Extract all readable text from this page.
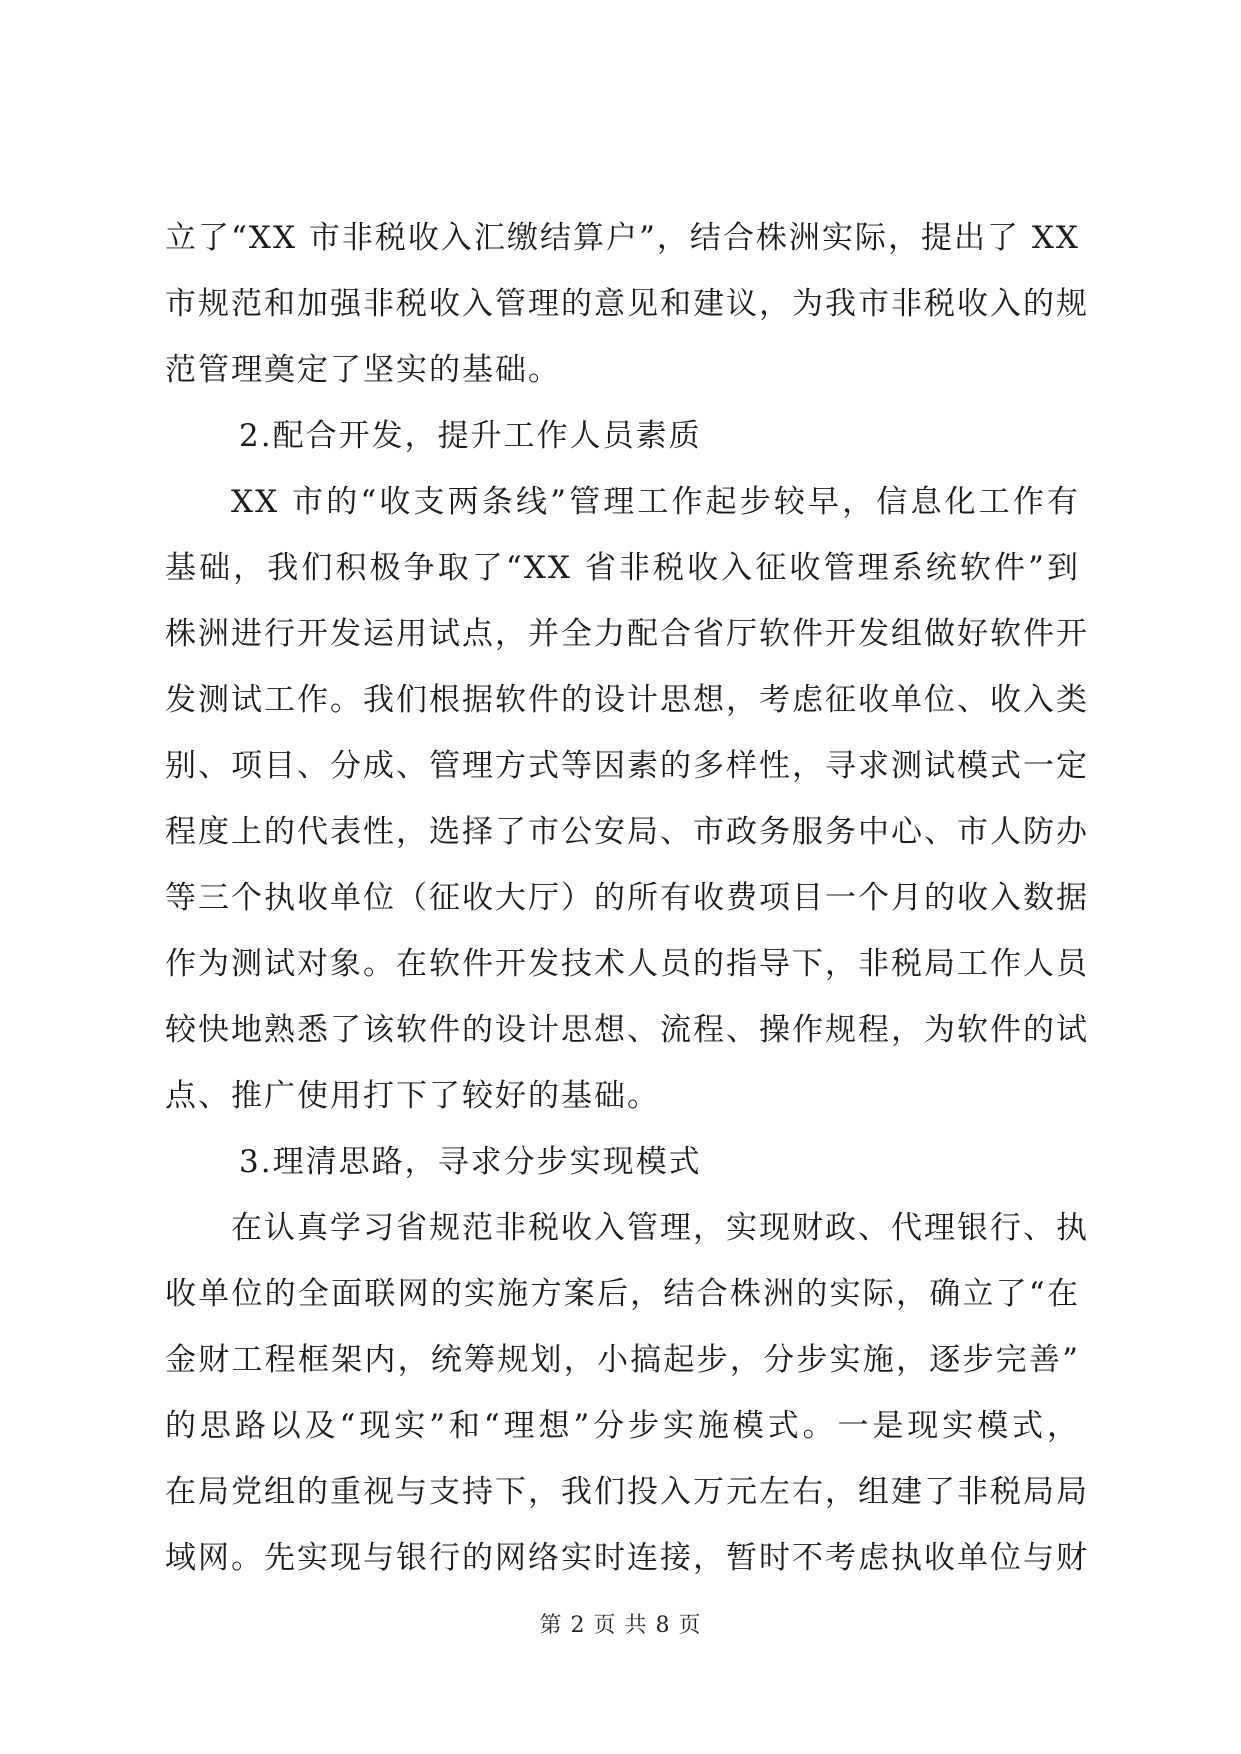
立了“XX 市非税收入汇缴结算户”，结合株洲实际，提出了 XX
市规范和加强非税收入管理的意见和建议，为我市非税收入的规
范管理奠定了坚实的基础。
2.配合开发，提升工作人员素质
XX 市的“收支两条线”管理工作起步较早，信息化工作有
基础，我们积极争取了“XX 省非税收入征收管理系统软件”到
株洲进行开发运用试点，并全力配合省厅软件开发组做好软件开
发测试工作。我们根据软件的设计思想，考虑征收单位、收入类
别、项目、分成、管理方式等因素的多样性，寻求测试模式一定
程度上的代表性，选择了市公安局、市政务服务中心、市人防办
等三个执收单位（征收大厅）的所有收费项目一个月的收入数据
作为测试对象。在软件开发技术人员的指导下，非税局工作人员
较快地熟悉了该软件的设计思想、流程、操作规程，为软件的试
点、推广使用打下了较好的基础。
3.理清思路，寻求分步实现模式
在认真学习省规范非税收入管理，实现财政、代理银行、执
收单位的全面联网的实施方案后，结合株洲的实际，确立了“在
金财工程框架内，统筹规划，小搞起步，分步实施，逐步完善”
的思路以及“现实”和“理想”分步实施模式。一是现实模式，
在局党组的重视与支持下，我们投入万元左右，组建了非税局局
域网。先实现与银行的网络实时连接，暂时不考虑执收单位与财
第 2 页 共 8 页
